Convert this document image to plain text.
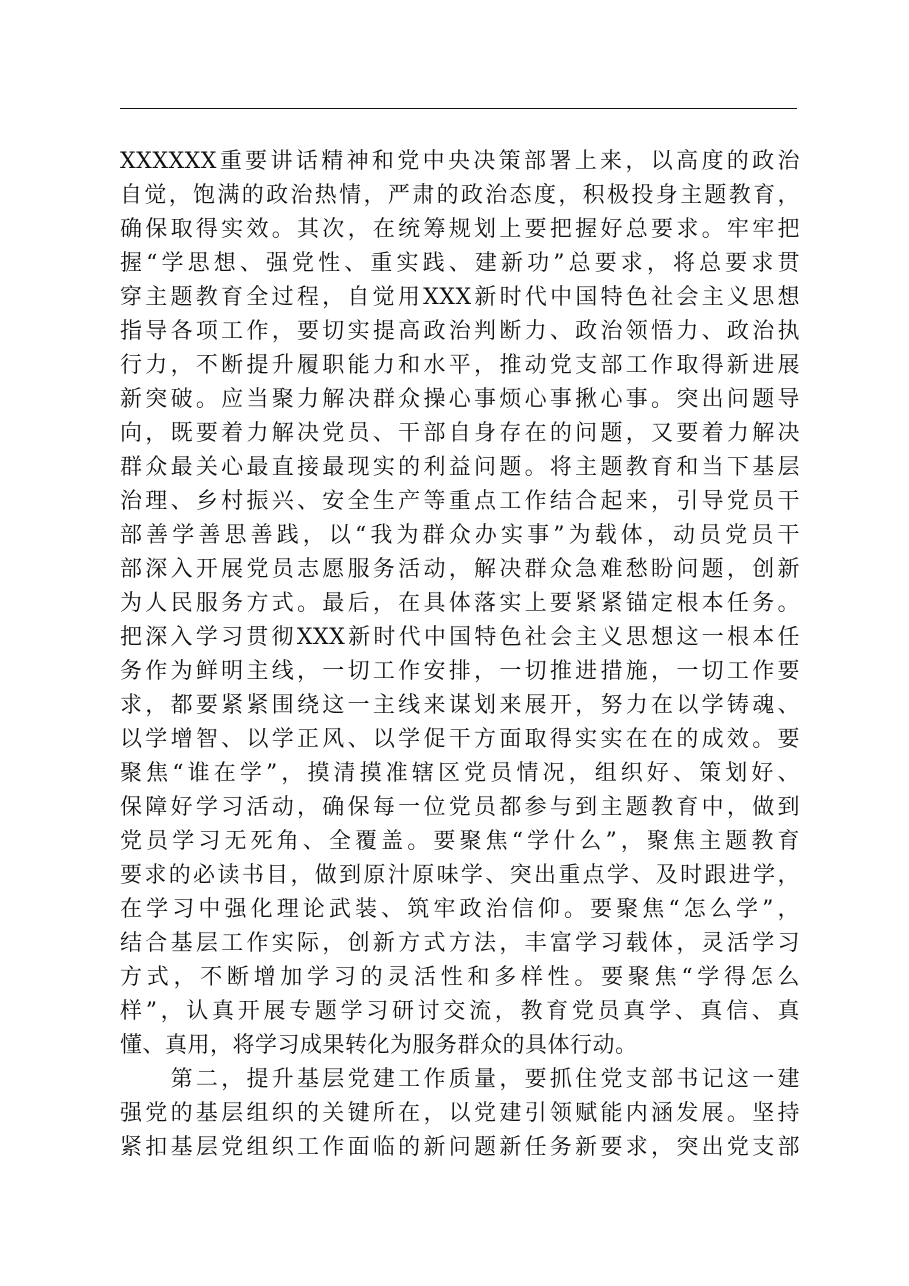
XXXXXX重要讲话精神和党中央决策部署上来，以高度的政治
自觉，饱满的政治热情，严肃的政治态度，积极投身主题教育，
确保取得实效。其次，在统筹规划上要把握好总要求。牢牢把
握“学思想、强党性、重实践、建新功”总要求，将总要求贯
穿主题教育全过程，自觉用XXX新时代中国特色社会主义思想
指导各项工作，要切实提高政治判断力、政治领悟力、政治执
行力，不断提升履职能力和水平，推动党支部工作取得新进展
新突破。应当聚力解决群众操心事烦心事揪心事。突出问题导
向，既要着力解决党员、干部自身存在的问题，又要着力解决
群众最关心最直接最现实的利益问题。将主题教育和当下基层
治理、乡村振兴、安全生产等重点工作结合起来，引导党员干
部善学善思善践，以“我为群众办实事”为载体，动员党员干
部深入开展党员志愿服务活动，解决群众急难愁盼问题，创新
为人民服务方式。最后，在具体落实上要紧紧锚定根本任务。
把深入学习贯彻XXX新时代中国特色社会主义思想这一根本任
务作为鲜明主线，一切工作安排，一切推进措施，一切工作要
求，都要紧紧围绕这一主线来谋划来展开，努力在以学铸魂、
以学增智、以学正风、以学促干方面取得实实在在的成效。要
聚焦“谁在学”，摸清摸准辖区党员情况，组织好、策划好、
保障好学习活动，确保每一位党员都参与到主题教育中，做到
党员学习无死角、全覆盖。要聚焦“学什么”，聚焦主题教育
要求的必读书目，做到原汁原味学、突出重点学、及时跟进学，
在学习中强化理论武装、筑牢政治信仰。要聚焦“怎么学”，
结合基层工作实际，创新方式方法，丰富学习载体，灵活学习
方式，不断增加学习的灵活性和多样性。要聚焦“学得怎么
样”，认真开展专题学习研讨交流，教育党员真学、真信、真
懂、真用，将学习成果转化为服务群众的具体行动。
　　第二，提升基层党建工作质量，要抓住党支部书记这一建
强党的基层组织的关键所在，以党建引领赋能内涵发展。坚持
紧扣基层党组织工作面临的新问题新任务新要求，突出党支部
